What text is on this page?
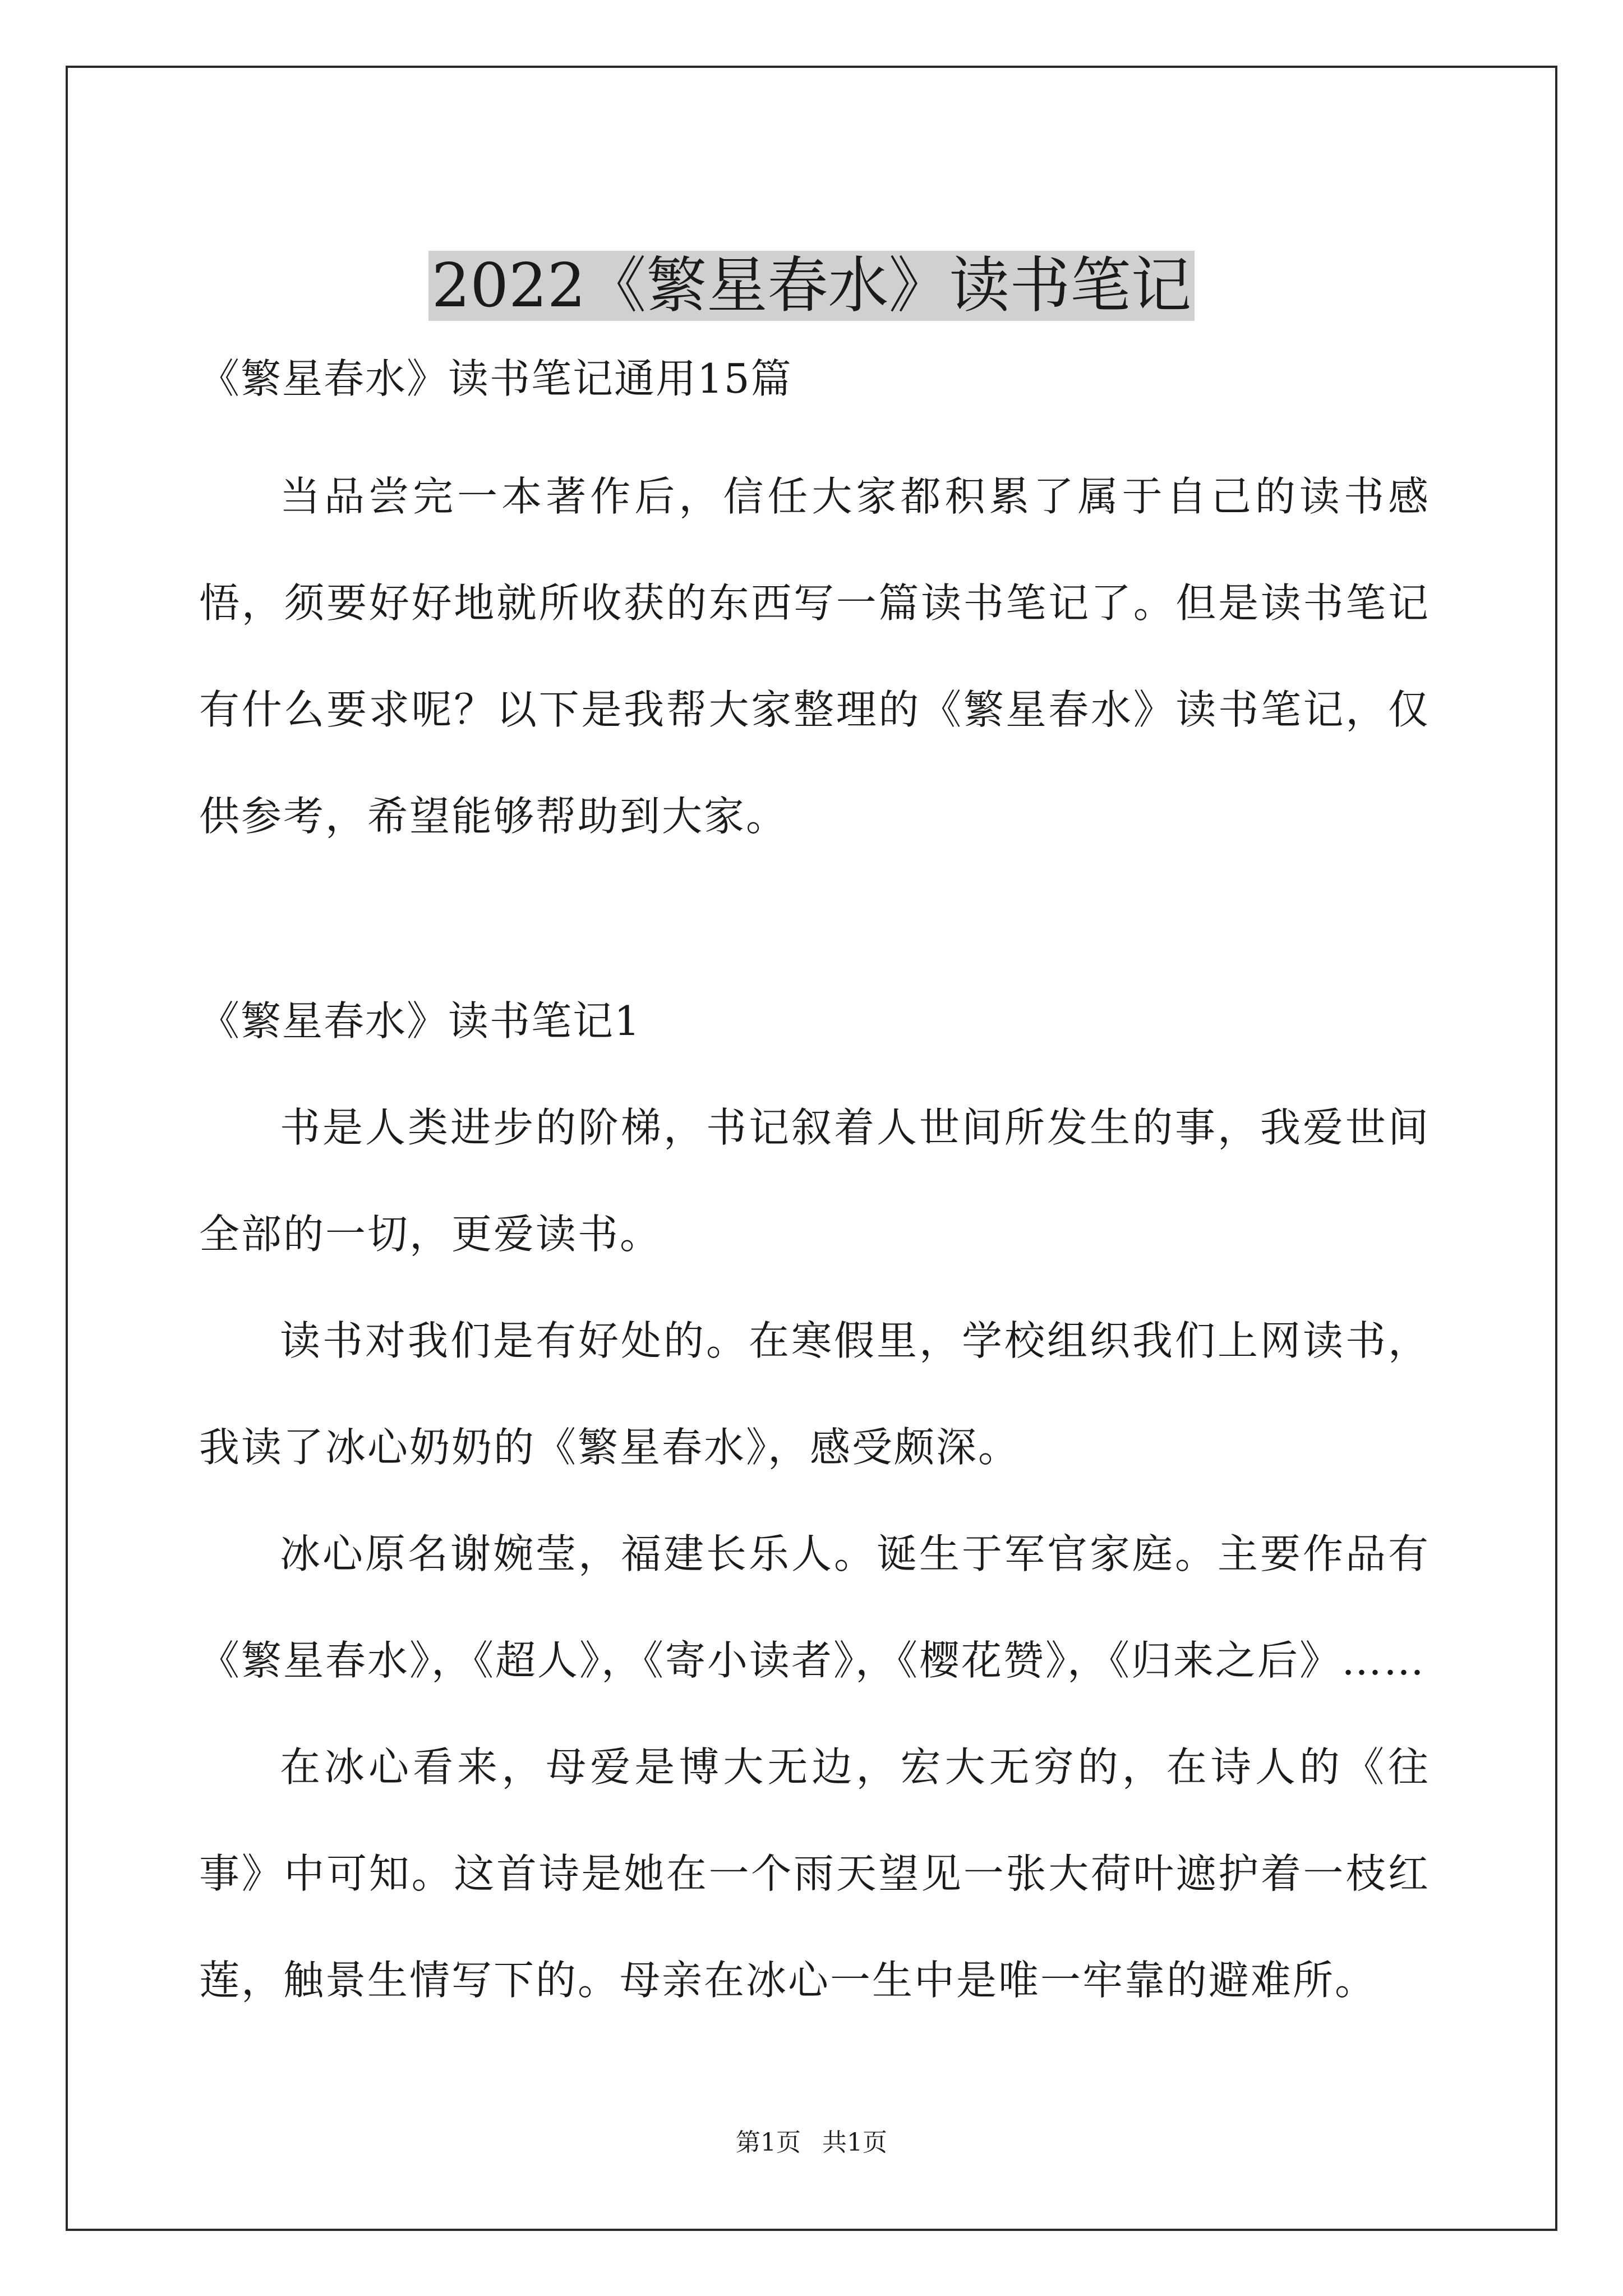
2022《繁星春水》读书笔记
《繁星春水》读书笔记通用15篇

当品尝完一本著作后，信任大家都积累了属于自己的读书感悟，须要好好地就所收获的东西写一篇读书笔记了。但是读书笔记有什么要求呢？以下是我帮大家整理的《繁星春水》读书笔记，仅供参考，希望能够帮助到大家。

《繁星春水》读书笔记1

书是人类进步的阶梯，书记叙着人世间所发生的事，我爱世间全部的一切，更爱读书。

读书对我们是有好处的。在寒假里，学校组织我们上网读书，我读了冰心奶奶的《繁星春水》，感受颇深。

冰心原名谢婉莹，福建长乐人。诞生于军官家庭。主要作品有《繁星春水》，《超人》，《寄小读者》，《樱花赞》，《归来之后》……

在冰心看来，母爱是博大无边，宏大无穷的，在诗人的《往事》中可知。这首诗是她在一个雨天望见一张大荷叶遮护着一枝红莲，触景生情写下的。母亲在冰心一生中是唯一牢靠的避难所。

第1页 共1页
